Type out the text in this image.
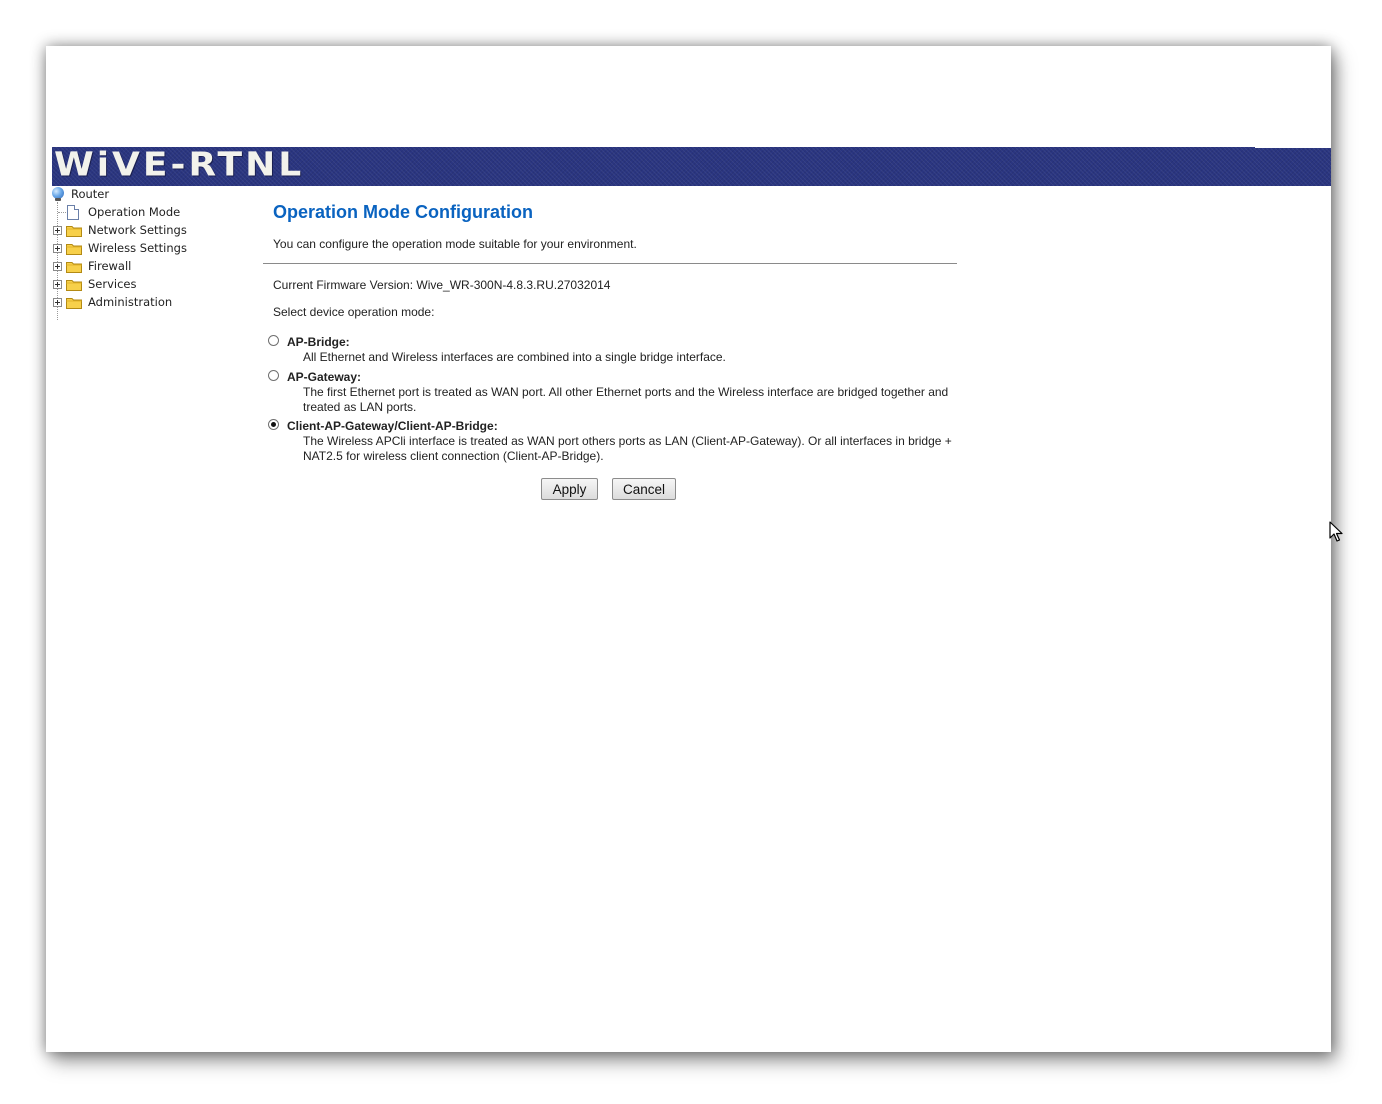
WiVE-RTNL
Router
Operation Mode
Network Settings
Wireless Settings
Firewall
Services
Administration
Operation Mode Configuration
You can configure the operation mode suitable for your environment.
Current Firmware Version: Wive_WR-300N-4.8.3.RU.27032014
Select device operation mode:
AP-Bridge:
All Ethernet and Wireless interfaces are combined into a single bridge interface.
AP-Gateway:
The first Ethernet port is treated as WAN port. All other Ethernet ports and the Wireless interface are bridged together and treated as LAN ports.
Client-AP-Gateway/Client-AP-Bridge:
The Wireless APCli interface is treated as WAN port others ports as LAN (Client-AP-Gateway). Or all interfaces in bridge + NAT2.5 for wireless client connection (Client-AP-Bridge).
Apply	Cancel
